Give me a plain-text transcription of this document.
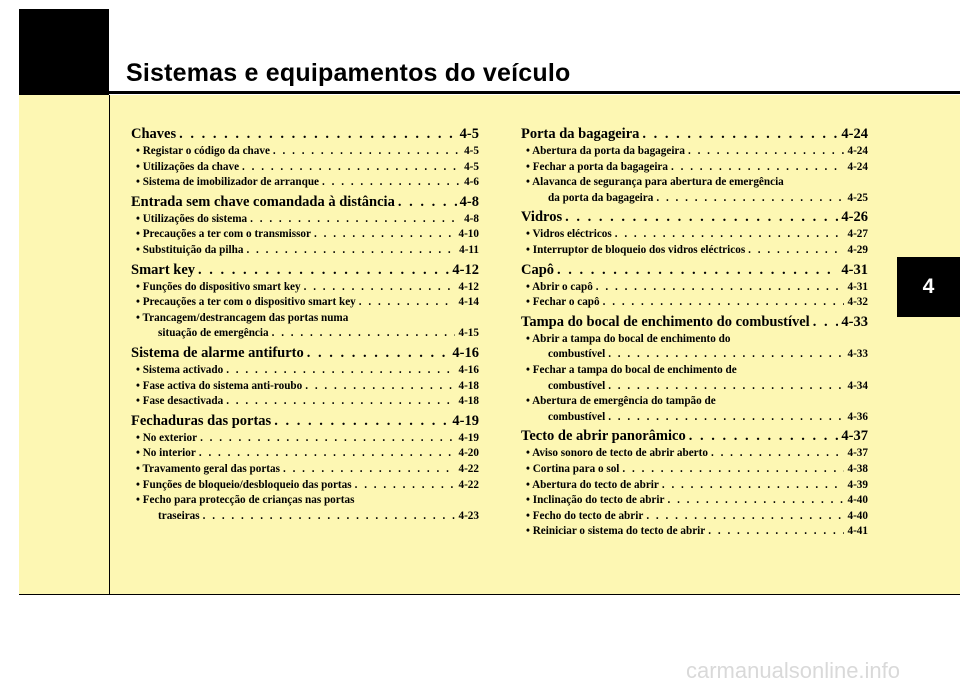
Sistemas e equipamentos do veículo
4
Chaves . . .	4-5
• Registar o código da chave . . .	4-5
• Utilizações da chave . . .	4-5
• Sistema de imobilizador de arranque . . .	4-6
Entrada sem chave comandada à distância . . .	4-8
• Utilizações do sistema . . .	4-8
• Precauções a ter com o transmissor . . .	4-10
• Substituição da pilha . . .	4-11
Smart key . . .	4-12
• Funções do dispositivo smart key . . .	4-12
• Precauções a ter com o dispositivo smart key . . .	4-14
• Trancagem/destrancagem das portas numa
situação de emergência . . .	4-15
Sistema de alarme antifurto . . .	4-16
• Sistema activado . . .	4-16
• Fase activa do sistema anti-roubo . . .	4-18
• Fase desactivada . . .	4-18
Fechaduras das portas . . .	4-19
• No exterior . . .	4-19
• No interior . . .	4-20
• Travamento geral das portas . . .	4-22
• Funções de bloqueio/desbloqueio das portas . . .	4-22
• Fecho para protecção de crianças nas portas
traseiras . . .	4-23
Porta da bagageira . . .	4-24
• Abertura da porta da bagageira . . .	4-24
• Fechar a porta da bagageira . . .	4-24
• Alavanca de segurança para abertura de emergência
da porta da bagageira . . .	4-25
Vidros . . .	4-26
• Vidros eléctricos . . .	4-27
• Interruptor de bloqueio dos vidros eléctricos . . .	4-29
Capô . . .	4-31
• Abrir o capô . . .	4-31
• Fechar o capô . . .	4-32
Tampa do bocal de enchimento do combustível . . . 4-33
• Abrir a tampa do bocal de enchimento do
combustível . . .	4-33
• Fechar a tampa do bocal de enchimento de
combustível . . .	4-34
• Abertura de emergência do tampão de
combustível . . .	4-36
Tecto de abrir panorâmico . . .	4-37
• Aviso sonoro de tecto de abrir aberto . . .	4-37
• Cortina para o sol . . .	4-38
• Abertura do tecto de abrir . . .	4-39
• Inclinação do tecto de abrir . . .	4-40
• Fecho do tecto de abrir . . .	4-40
• Reiniciar o sistema do tecto de abrir . . .	4-41
carmanualsonline.info
